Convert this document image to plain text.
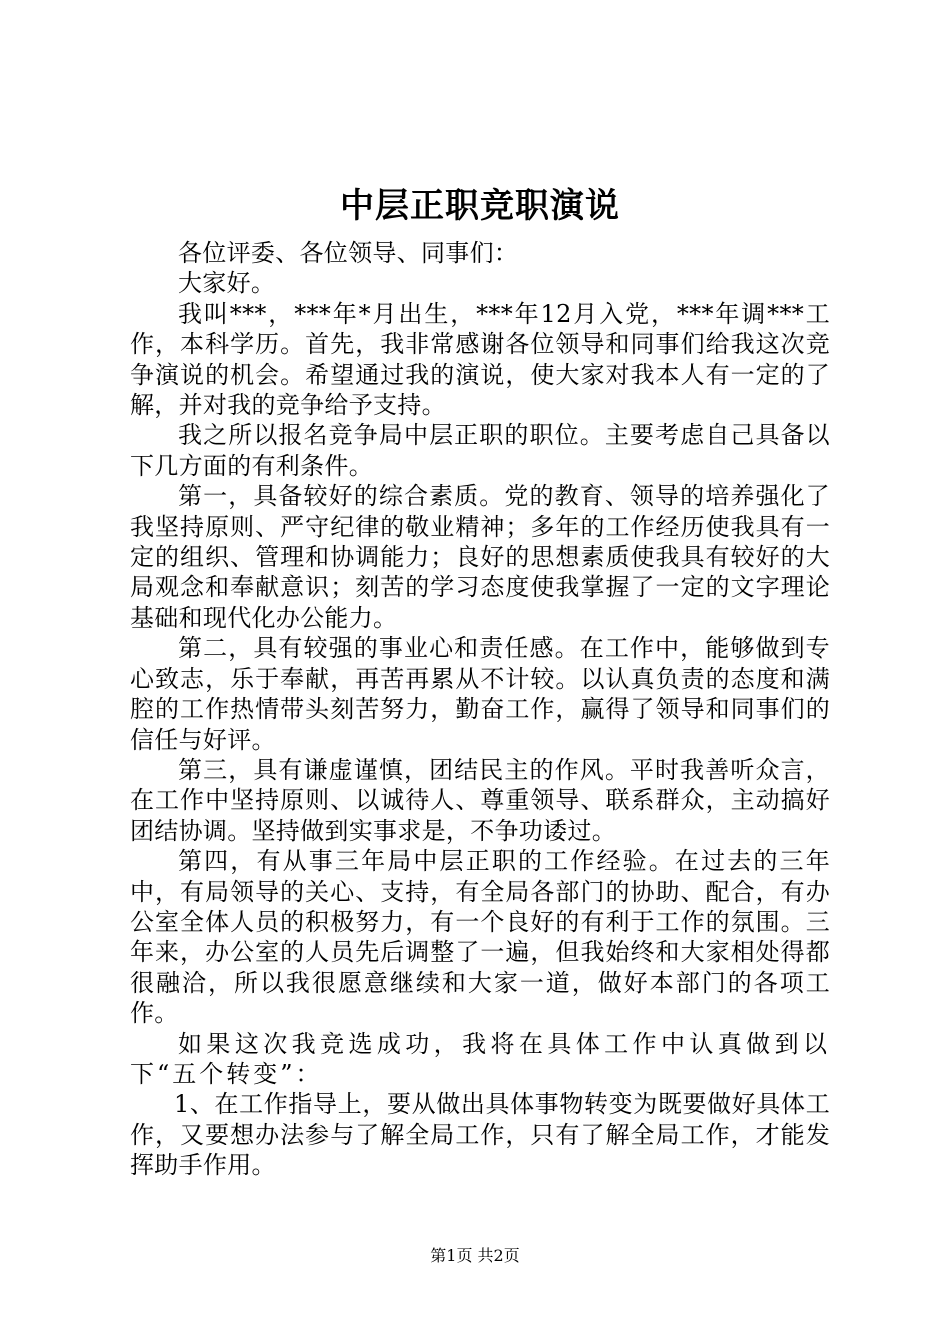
中层正职竞职演说

各位评委、各位领导、同事们：

大家好。

我叫***，***年*月出生，***年12月入党，***年调***工作，本科学历。首先，我非常感谢各位领导和同事们给我这次竞争演说的机会。希望通过我的演说，使大家对我本人有一定的了解，并对我的竞争给予支持。

我之所以报名竞争局中层正职的职位。主要考虑自己具备以下几方面的有利条件。

第一，具备较好的综合素质。党的教育、领导的培养强化了我坚持原则、严守纪律的敬业精神；多年的工作经历使我具有一定的组织、管理和协调能力；良好的思想素质使我具有较好的大局观念和奉献意识；刻苦的学习态度使我掌握了一定的文字理论基础和现代化办公能力。

第二，具有较强的事业心和责任感。在工作中，能够做到专心致志，乐于奉献，再苦再累从不计较。以认真负责的态度和满腔的工作热情带头刻苦努力，勤奋工作，赢得了领导和同事们的信任与好评。

第三，具有谦虚谨慎，团结民主的作风。平时我善听众言，在工作中坚持原则、以诚待人、尊重领导、联系群众，主动搞好团结协调。坚持做到实事求是，不争功诿过。

第四，有从事三年局中层正职的工作经验。在过去的三年中，有局领导的关心、支持，有全局各部门的协助、配合，有办公室全体人员的积极努力，有一个良好的有利于工作的氛围。三年来，办公室的人员先后调整了一遍，但我始终和大家相处得都很融洽，所以我很愿意继续和大家一道，做好本部门的各项工作。

如果这次我竞选成功，我将在具体工作中认真做到以下“五个转变”：

1、在工作指导上，要从做出具体事物转变为既要做好具体工作，又要想办法参与了解全局工作，只有了解全局工作，才能发挥助手作用。

第1页 共2页
